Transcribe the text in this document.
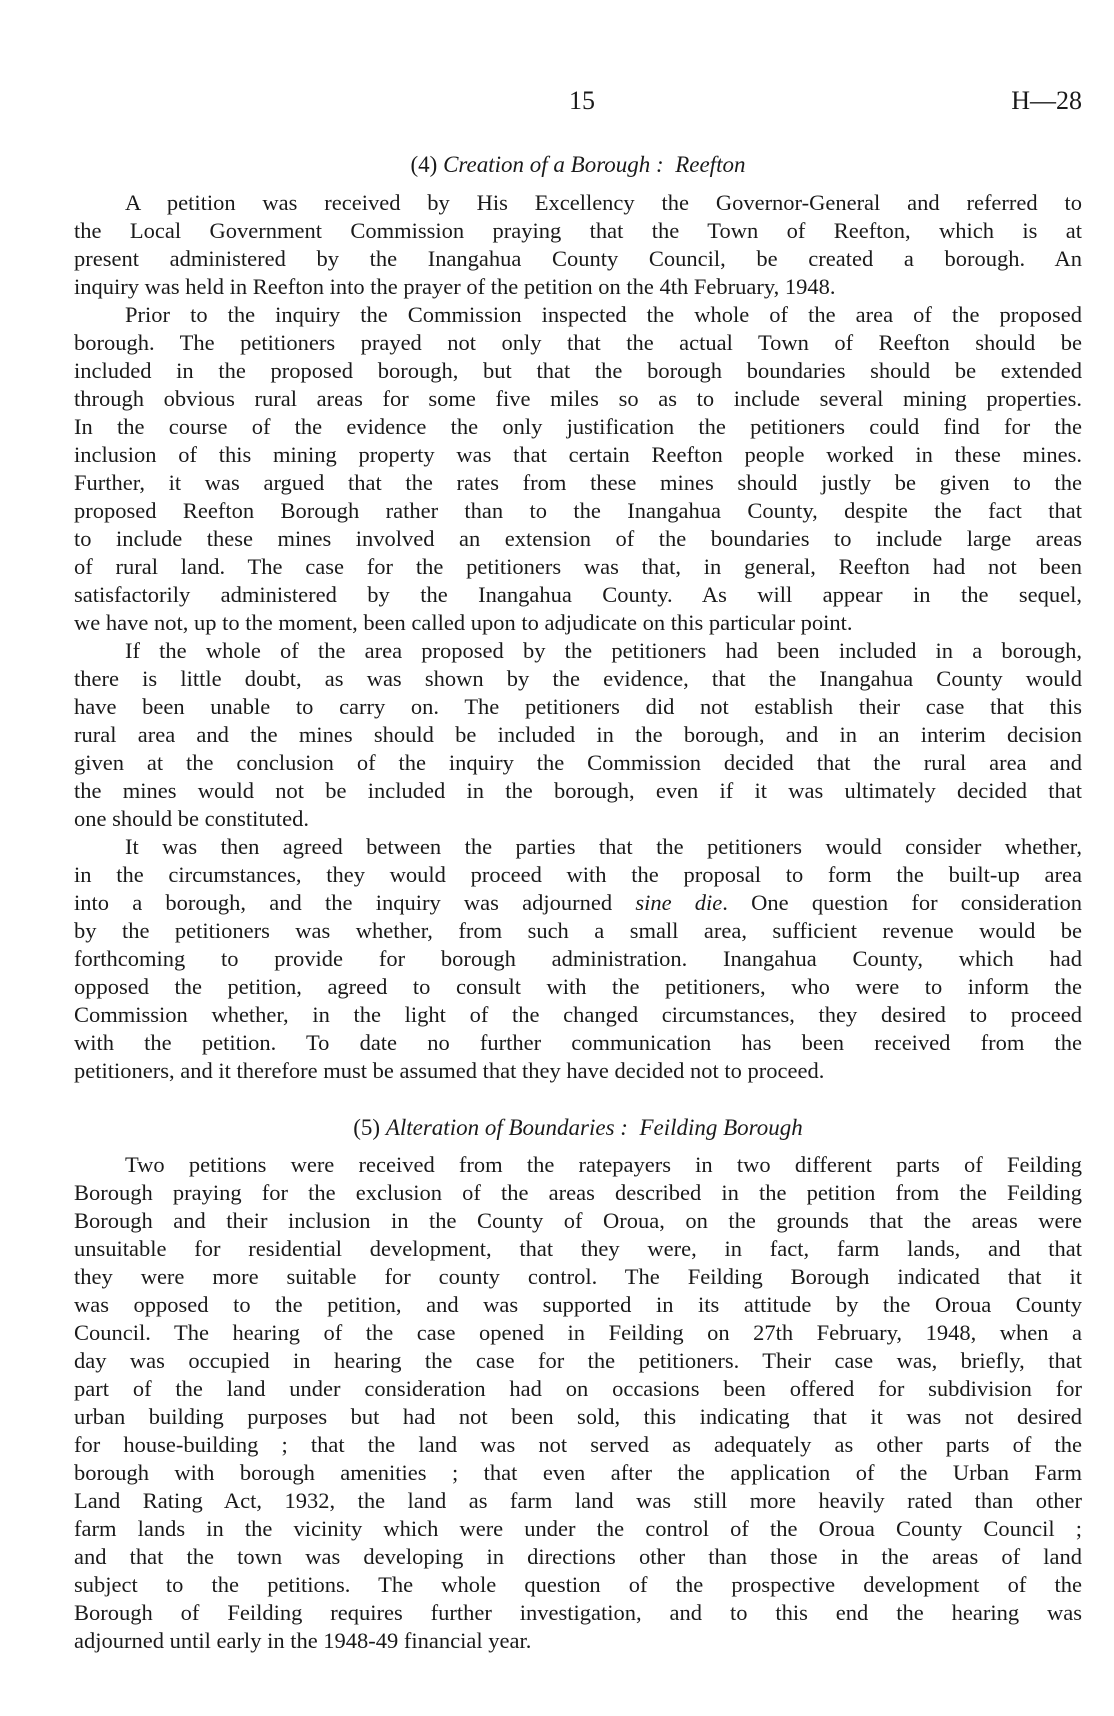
15	H—28
(4) Creation of a Borough : Reefton
A petition was received by His Excellency the Governor-General and referred to
the Local Government Commission praying that the Town of Reefton, which is at
present administered by the Inangahua County Council, be created a borough. An
inquiry was held in Reefton into the prayer of the petition on the 4th February, 1948.
Prior to the inquiry the Commission inspected the whole of the area of the proposed
borough. The petitioners prayed not only that the actual Town of Reefton should be
included in the proposed borough, but that the borough boundaries should be extended
through obvious rural areas for some five miles so as to include several mining properties.
In the course of the evidence the only justification the petitioners could find for the
inclusion of this mining property was that certain Reefton people worked in these mines.
Further, it was argued that the rates from these mines should justly be given to the
proposed Reefton Borough rather than to the Inangahua County, despite the fact that
to include these mines involved an extension of the boundaries to include large areas
of rural land. The case for the petitioners was that, in general, Reefton had not been
satisfactorily administered by the Inangahua County. As will appear in the sequel,
we have not, up to the moment, been called upon to adjudicate on this particular point.
If the whole of the area proposed by the petitioners had been included in a borough,
there is little doubt, as was shown by the evidence, that the Inangahua County would
have been unable to carry on. The petitioners did not establish their case that this
rural area and the mines should be included in the borough, and in an interim decision
given at the conclusion of the inquiry the Commission decided that the rural area and
the mines would not be included in the borough, even if it was ultimately decided that
one should be constituted.
It was then agreed between the parties that the petitioners would consider whether,
in the circumstances, they would proceed with the proposal to form the built-up area
into a borough, and the inquiry was adjourned sine die. One question for consideration
by the petitioners was whether, from such a small area, sufficient revenue would be
forthcoming to provide for borough administration. Inangahua County, which had
opposed the petition, agreed to consult with the petitioners, who were to inform the
Commission whether, in the light of the changed circumstances, they desired to proceed
with the petition. To date no further communication has been received from the
petitioners, and it therefore must be assumed that they have decided not to proceed.
(5) Alteration of Boundaries : Feilding Borough
Two petitions were received from the ratepayers in two different parts of Feilding
Borough praying for the exclusion of the areas described in the petition from the Feilding
Borough and their inclusion in the County of Oroua, on the grounds that the areas were
unsuitable for residential development, that they were, in fact, farm lands, and that
they were more suitable for county control. The Feilding Borough indicated that it
was opposed to the petition, and was supported in its attitude by the Oroua County
Council. The hearing of the case opened in Feilding on 27th February, 1948, when a
day was occupied in hearing the case for the petitioners. Their case was, briefly, that
part of the land under consideration had on occasions been offered for subdivision for
urban building purposes but had not been sold, this indicating that it was not desired
for house-building ; that the land was not served as adequately as other parts of the
borough with borough amenities ; that even after the application of the Urban Farm
Land Rating Act, 1932, the land as farm land was still more heavily rated than other
farm lands in the vicinity which were under the control of the Oroua County Council ;
and that the town was developing in directions other than those in the areas of land
subject to the petitions. The whole question of the prospective development of the
Borough of Feilding requires further investigation, and to this end the hearing was
adjourned until early in the 1948-49 financial year.
